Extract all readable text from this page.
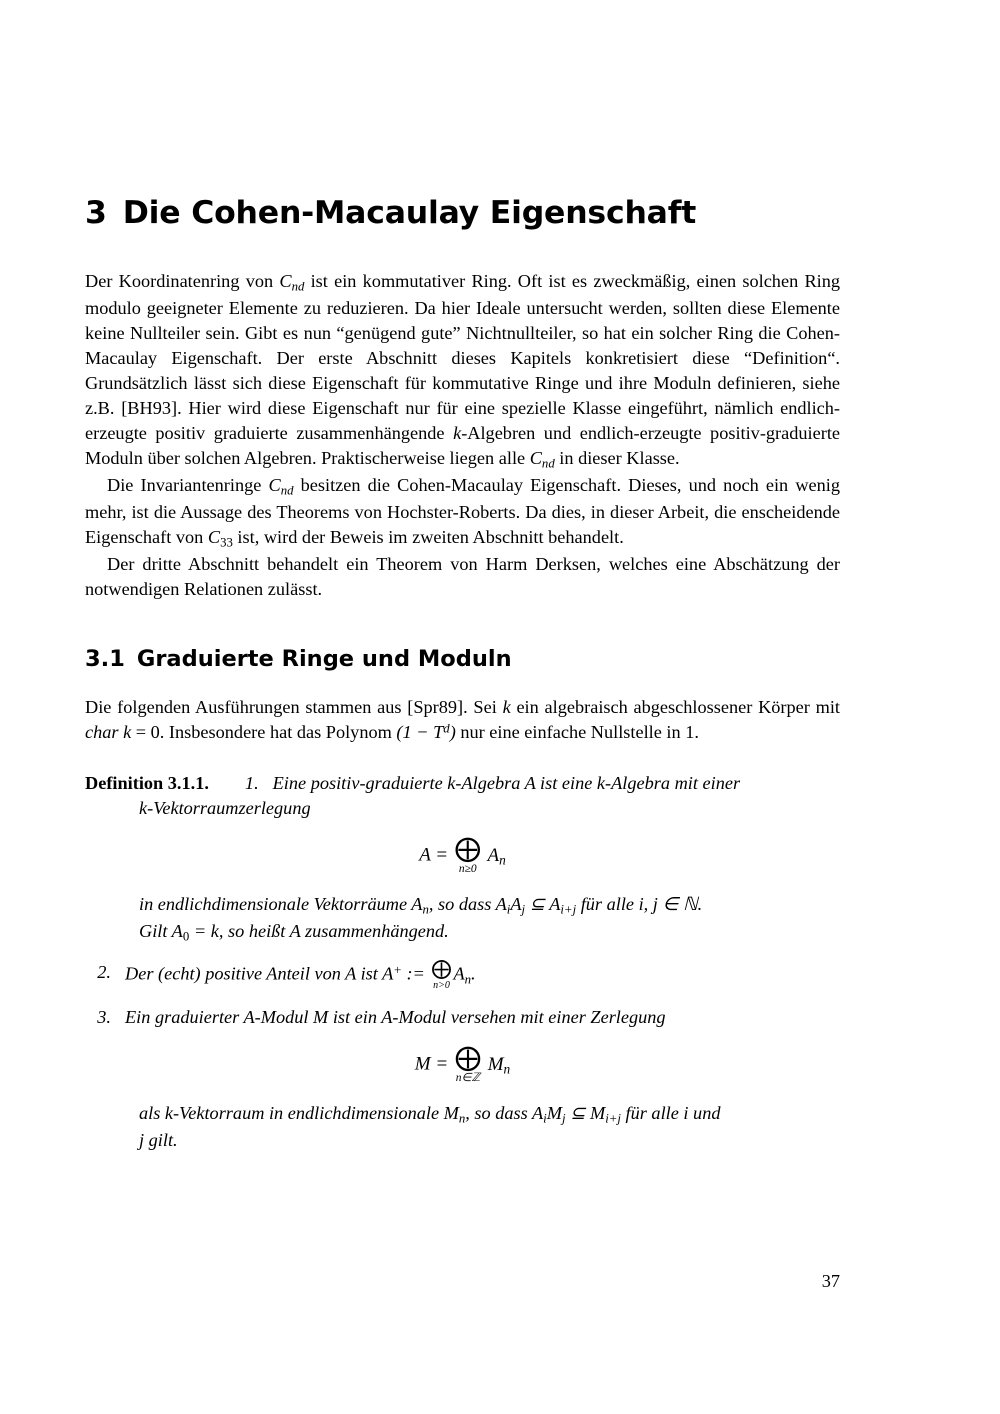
3 Die Cohen-Macaulay Eigenschaft

Der Koordinatenring von $C_{nd}$ ist ein kommutativer Ring. Oft ist es zweckmäßig, einen solchen Ring modulo geeigneter Elemente zu reduzieren. Da hier Ideale untersucht werden, sollten diese Elemente keine Nullteiler sein. Gibt es nun “genügend gute” Nichtnullteiler, so hat ein solcher Ring die Cohen-Macaulay Eigenschaft. Der erste Abschnitt dieses Kapitels konkretisiert diese “Definition“. Grundsätzlich lässt sich diese Eigenschaft für kommutative Ringe und ihre Moduln definieren, siehe z.B. [BH93]. Hier wird diese Eigenschaft nur für eine spezielle Klasse eingeführt, nämlich endlich-erzeugte positiv graduierte zusammenhängende k-Algebren und endlich-erzeugte positiv-graduierte Moduln über solchen Algebren. Praktischerweise liegen alle $C_{nd}$ in dieser Klasse.

Die Invariantenringe $C_{nd}$ besitzen die Cohen-Macaulay Eigenschaft. Dieses, und noch ein wenig mehr, ist die Aussage des Theorems von Hochster-Roberts. Da dies, in dieser Arbeit, die enscheidende Eigenschaft von $C_{33}$ ist, wird der Beweis im zweiten Abschnitt behandelt.

Der dritte Abschnitt behandelt ein Theorem von Harm Derksen, welches eine Abschätzung der notwendigen Relationen zulässt.

3.1 Graduierte Ringe und Moduln

Die folgenden Ausführungen stammen aus [Spr89]. Sei k ein algebraisch abgeschlossener Körper mit char k = 0. Insbesondere hat das Polynom $(1 - T^d)$ nur eine einfache Nullstelle in 1.

Definition 3.1.1. 1. Eine positiv-graduierte k-Algebra A ist eine k-Algebra mit einer
k-Vektorraumzerlegung
A = ⨁
n≥0
$A_n$
in endlichdimensionale Vektorräume $A_n$, so dass $A_iA_j$ ⊆ $A_{i+j}$ für alle i, j ∈ ℕ.
Gilt $A_0 = k$, so heißt A zusammenhängend.
2. Der (echt) positive Anteil von A ist A+ := ⨁
n>0
$A_n$.
3. Ein graduierter A-Modul M ist ein A-Modul versehen mit einer Zerlegung
M = ⨁
n∈ℤ
$M_n$
als k-Vektorraum in endlichdimensionale $M_n$, so dass $A_iM_j$ ⊆ $M_{i+j}$ für alle i und
j gilt.
37
